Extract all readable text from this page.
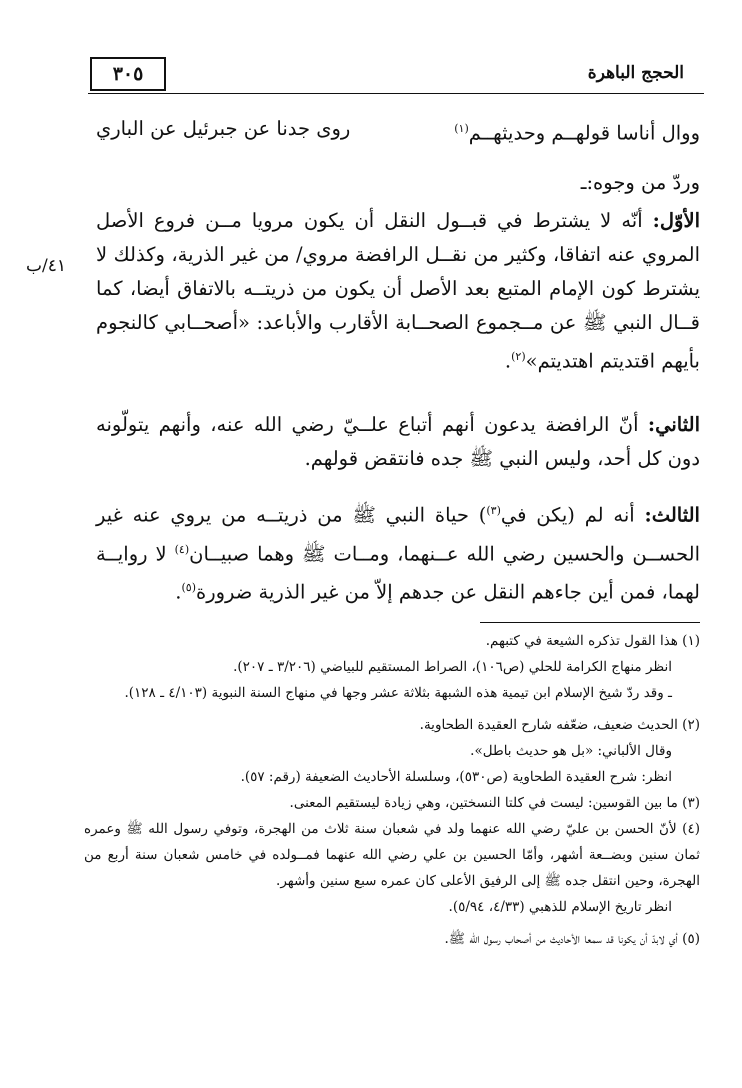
٣٠٥	الحجج الباهرة
ووال أناسا قولهــم وحديثهــم$^{(١)}$
روى جدنا عن جبرئيل عن الباري
وردّ من وجوه:ـ
٤١/ب

الأوّل: أنّه لا يشترط في قبــول النقل أن يكون مرويا مــن فروع الأصل المروي عنه اتفاقا، وكثير من نقــل الرافضة مروي/ من غير الذرية، وكذلك لا يشترط كون الإمام المتبع بعد الأصل أن يكون من ذريتــه بالاتفاق أيضا، كما قــال النبي ﷺ عن مــجموع الصحــابة الأقارب والأباعد: «أصحــابي كالنجوم بأيهم اقتديتم اهتديتم»$^{(٢)}$.

الثاني: أنّ الرافضة يدعون أنهم أتباع علــيّ رضي الله عنه، وأنهم يتولّونه دون كل أحد، وليس النبي ﷺ جده فانتقض قولهم.

الثالث: أنه لم (يكن في$^{(٣)}$) حياة النبي ﷺ من ذريتــه من يروي عنه غير الحســن والحسين رضي الله عــنهما، ومــات ﷺ وهما صبيــان$^{(٤)}$ لا روايــة لهما، فمن أين جاءهم النقل عن جدهم إلاّ من غير الذرية ضرورة$^{(٥)}$.

(١) هذا القول تذكره الشيعة في كتبهم.

انظر منهاج الكرامة للحلي (ص١٠٦)، الصراط المستقيم للبياضي (٣/٢٠٦ ـ ٢٠٧).

ـ وقد ردّ شيخ الإسلام ابن تيمية هذه الشبهة بثلاثة عشر وجها في منهاج السنة النبوية (٤/١٠٣ ـ ١٢٨).

(٢) الحديث ضعيف، ضعّفه شارح العقيدة الطحاوية.

وقال الألباني: «بل هو حديث باطل».

انظر: شرح العقيدة الطحاوية (ص٥٣٠)، وسلسلة الأحاديث الضعيفة (رقم: ٥٧).

(٣) ما بين القوسين: ليست في كلتا النسختين، وهي زيادة ليستقيم المعنى.

(٤) لأنّ الحسن بن عليّ رضي الله عنهما ولد في شعبان سنة ثلاث من الهجرة، وتوفي رسول الله ﷺ وعمره ثمان سنين وبضــعة أشهر، وأمّا الحسين بن علي رضي الله عنهما فمــولده في خامس شعبان سنة أربع من الهجرة، وحين انتقل جده ﷺ إلى الرفيق الأعلى كان عمره سبع سنين وأشهر.

انظر تاريخ الإسلام للذهبي (٤/٣٣، ٥/٩٤).

(٥) أي لابدّ أن يكونا قد سمعا الأحاديث من أصحاب رسول الله ﷺ.
